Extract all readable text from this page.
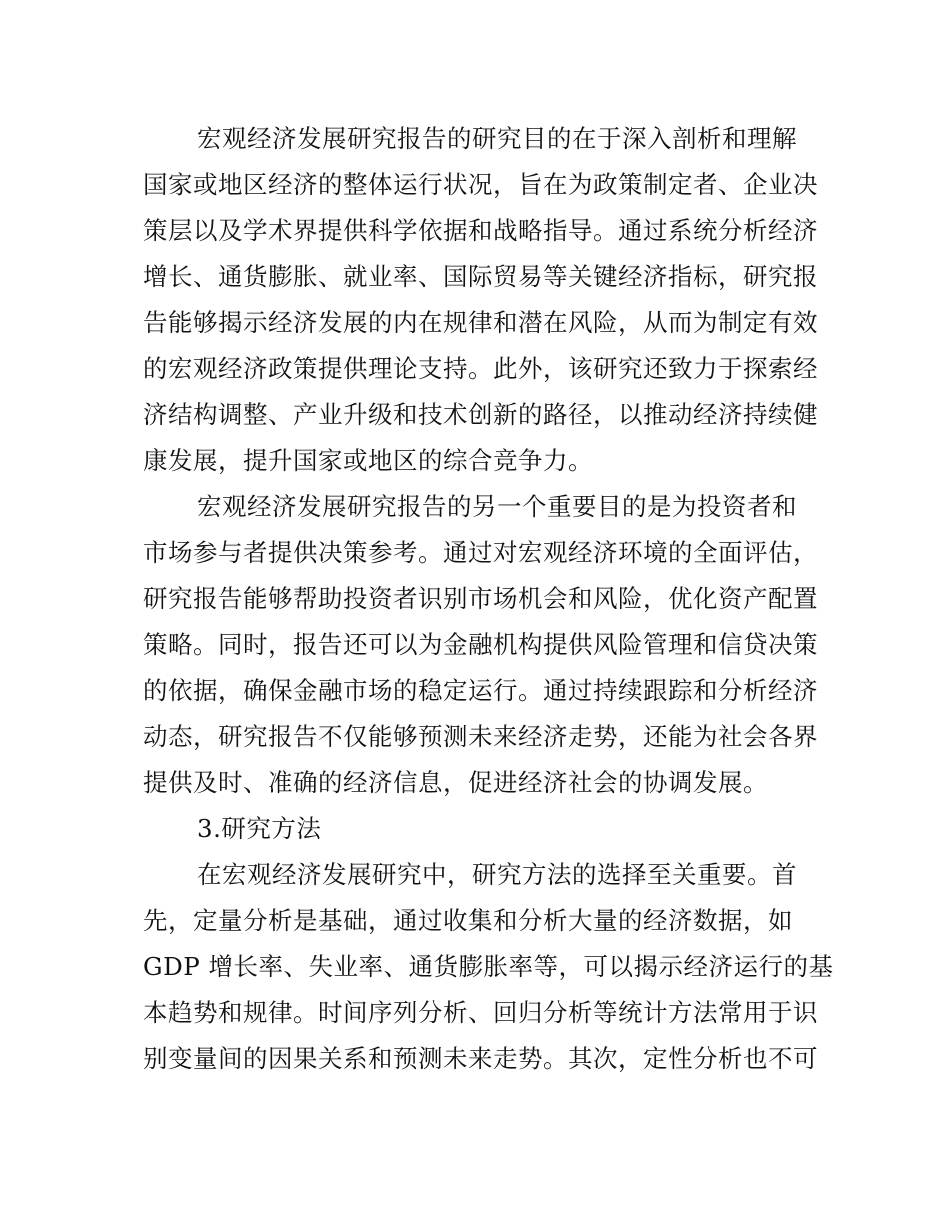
宏观经济发展研究报告的研究目的在于深入剖析和理解
国家或地区经济的整体运行状况，旨在为政策制定者、企业决
策层以及学术界提供科学依据和战略指导。通过系统分析经济
增长、通货膨胀、就业率、国际贸易等关键经济指标，研究报
告能够揭示经济发展的内在规律和潜在风险，从而为制定有效
的宏观经济政策提供理论支持。此外，该研究还致力于探索经
济结构调整、产业升级和技术创新的路径，以推动经济持续健
康发展，提升国家或地区的综合竞争力。
宏观经济发展研究报告的另一个重要目的是为投资者和
市场参与者提供决策参考。通过对宏观经济环境的全面评估，
研究报告能够帮助投资者识别市场机会和风险，优化资产配置
策略。同时，报告还可以为金融机构提供风险管理和信贷决策
的依据，确保金融市场的稳定运行。通过持续跟踪和分析经济
动态，研究报告不仅能够预测未来经济走势，还能为社会各界
提供及时、准确的经济信息，促进经济社会的协调发展。
3.研究方法
在宏观经济发展研究中，研究方法的选择至关重要。首
先，定量分析是基础，通过收集和分析大量的经济数据，如
GDP 增长率、失业率、通货膨胀率等，可以揭示经济运行的基
本趋势和规律。时间序列分析、回归分析等统计方法常用于识
别变量间的因果关系和预测未来走势。其次，定性分析也不可
